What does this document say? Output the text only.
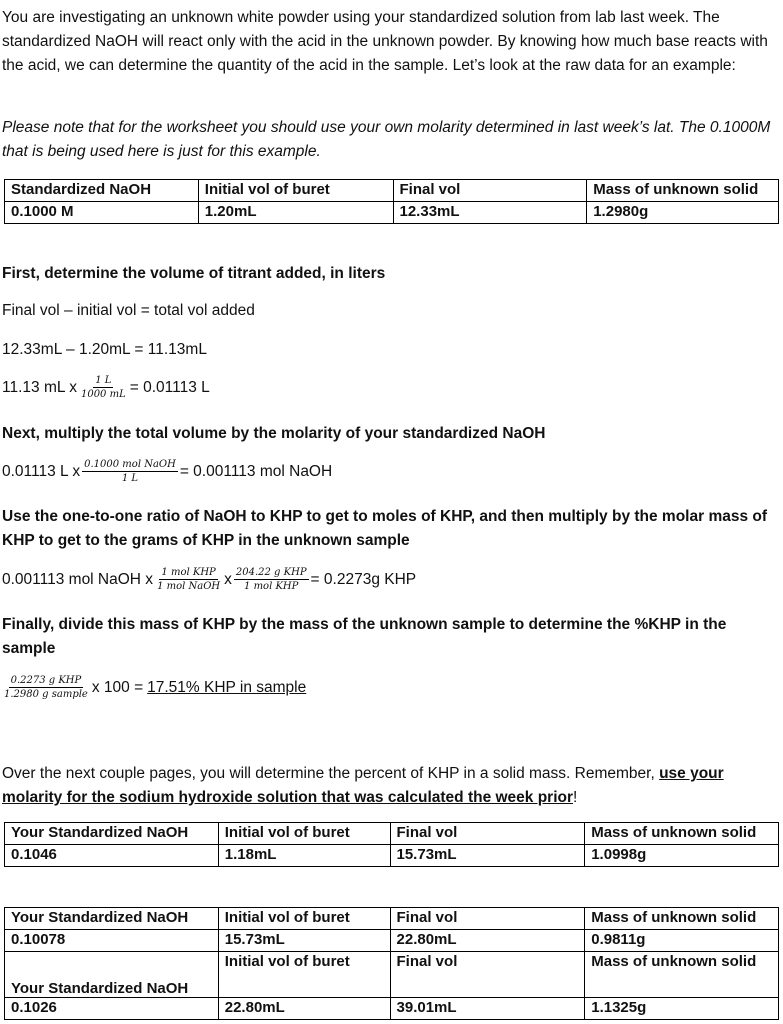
You are investigating an unknown white powder using your standardized solution from lab last week. The standardized NaOH will react only with the acid in the unknown powder. By knowing how much base reacts with the acid, we can determine the quantity of the acid in the sample. Let’s look at the raw data for an example:

Please note that for the worksheet you should use your own molarity determined in last week’s lat. The 0.1000M that is being used here is just for this example.

Standardized NaOH	Initial vol of buret	Final vol	Mass of unknown solid
0.1000 M	1.20mL	12.33mL	1.2980g
First, determine the volume of titrant added, in liters
Final vol – initial vol = total vol added
12.33mL – 1.20mL = 11.13mL
11.13 mL x $\frac{1 L}{1000 mL} = 0.01113$ L
Next, multiply the total volume by the molarity of your standardized NaOH
0.01113 L x $\frac{\text{0.1000 mol NaOH}}{1 L} = 0.001113$ mol NaOH

Use the one-to-one ratio of NaOH to KHP to get to moles of KHP, and then multiply by the molar mass of KHP to get to the grams of KHP in the unknown sample

0.001113 mol NaOH x $\frac{\text{1 mol KHP}}{\text{1 mol NaOH}}$ x $\frac{\text{204.22 g KHP}}{\text{1 mol KHP}} = 0.2273g$ KHP

Finally, divide this mass of KHP by the mass of the unknown sample to determine the %KHP in the sample

$\frac{\text{0.2273 g KHP}}{\text{1.2980 g sample}}$ x 100 = 17.51% KHP in sample

Over the next couple pages, you will determine the percent of KHP in a solid mass. Remember, use your molarity for the sodium hydroxide solution that was calculated the week prior!

Your Standardized NaOH	Initial vol of buret	Final vol	Mass of unknown solid
0.1046	1.18mL	15.73mL	1.0998g
Your Standardized NaOH	Initial vol of buret	Final vol	Mass of unknown solid
0.10078	15.73mL	22.80mL	0.9811g
Your Standardized NaOH	Initial vol of buret	Final vol	Mass of unknown solid
0.1026	22.80mL	39.01mL	1.1325g
